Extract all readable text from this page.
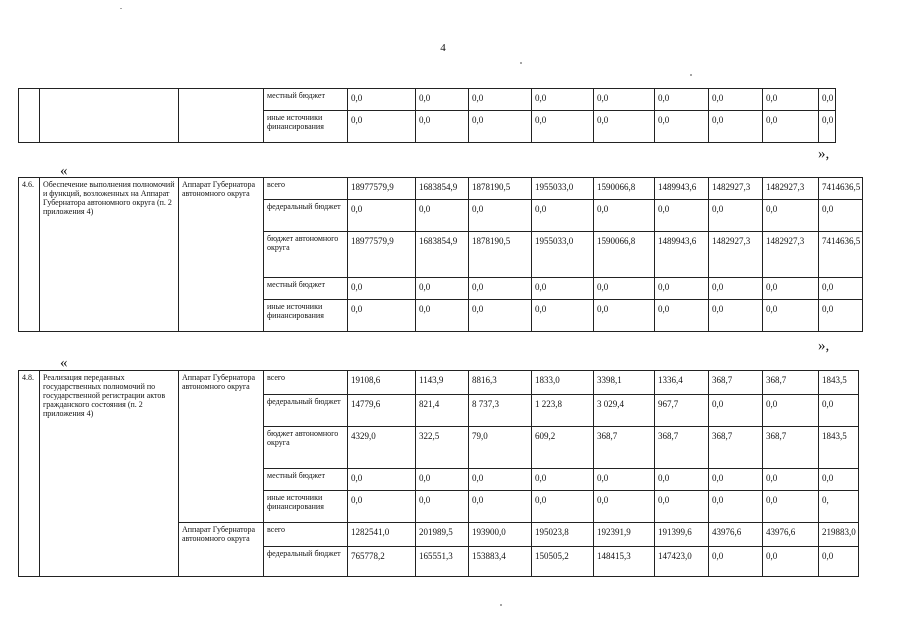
4
			местный бюджет	0,0	0,0	0,0	0,0	0,0	0,0	0,0	0,0	0,0
			иные источники финансирования	0,0	0,0	0,0	0,0	0,0	0,0	0,0	0,0	0,0
»,
«
4.6.	Обеспечение выполнения полномочий и функций, возложенных на Аппарат Губернатора автономного округа (п. 2 приложения 4)	Аппарат Губернатора автономного округа	всего	18977579,9	1683854,9	1878190,5	1955033,0	1590066,8	1489943,6	1482927,3	1482927,3	7414636,5
			федеральный бюджет	0,0	0,0	0,0	0,0	0,0	0,0	0,0	0,0	0,0
			бюджет автономного округа	18977579,9	1683854,9	1878190,5	1955033,0	1590066,8	1489943,6	1482927,3	1482927,3	7414636,5
			местный бюджет	0,0	0,0	0,0	0,0	0,0	0,0	0,0	0,0	0,0
			иные источники финансирования	0,0	0,0	0,0	0,0	0,0	0,0	0,0	0,0	0,0
»,
«
4.8.	Реализация переданных государственных полномочий по государственной регистрации актов гражданского состояния (п. 2 приложения 4)	Аппарат Губернатора автономного округа	всего	19108,6	1143,9	8816,3	1833,0	3398,1	1336,4	368,7	368,7	1843,5
			федеральный бюджет	14779,6	821,4	8 737,3	1 223,8	3 029,4	967,7	0,0	0,0	0,0
			бюджет автономного округа	4329,0	322,5	79,0	609,2	368,7	368,7	368,7	368,7	1843,5
			местный бюджет	0,0	0,0	0,0	0,0	0,0	0,0	0,0	0,0	0,0
			иные источники финансирования	0,0	0,0	0,0	0,0	0,0	0,0	0,0	0,0	0,
		Аппарат Губернатора автономного округа	всего	1282541,0	201989,5	193900,0	195023,8	192391,9	191399,6	43976,6	43976,6	219883,0
			федеральный бюджет	765778,2	165551,3	153883,4	150505,2	148415,3	147423,0	0,0	0,0	0,0
